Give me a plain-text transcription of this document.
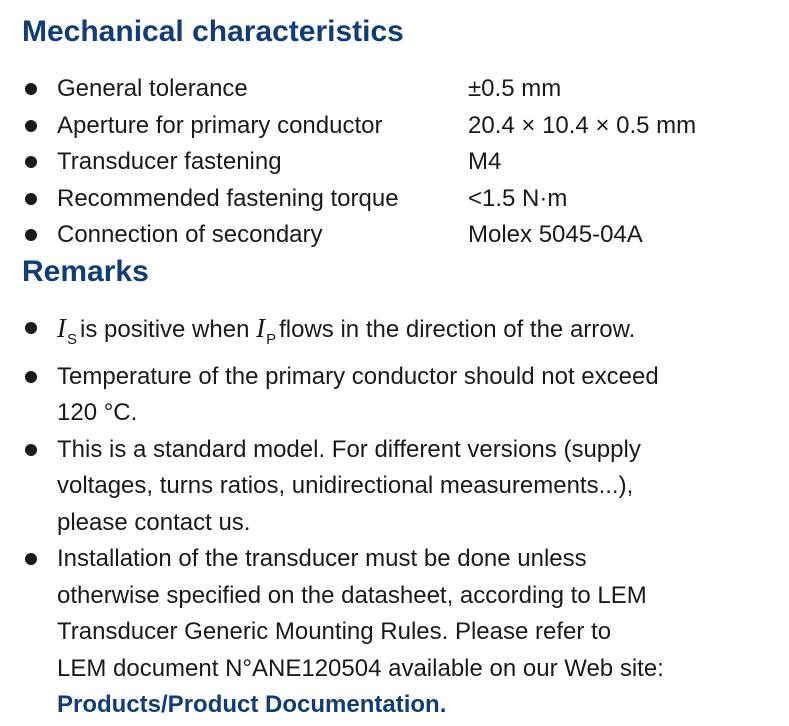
Mechanical characteristics
General tolerance	±0.5 mm
Aperture for primary conductor	20.4 × 10.4 × 0.5 mm
Transducer fastening	M4
Recommended fastening torque	<1.5 N·m
Connection of secondary	Molex 5045-04A
Remarks
$I_S$ is positive when $I_P$ flows in the direction of the arrow.
Temperature of the primary conductor should not exceed
120 °C.
This is a standard model. For different versions (supply
voltages, turns ratios, unidirectional measurements...),
please contact us.
Installation of the transducer must be done unless
otherwise specified on the datasheet, according to LEM
Transducer Generic Mounting Rules. Please refer to
LEM document N°ANE120504 available on our Web site:
Products/Product Documentation.
